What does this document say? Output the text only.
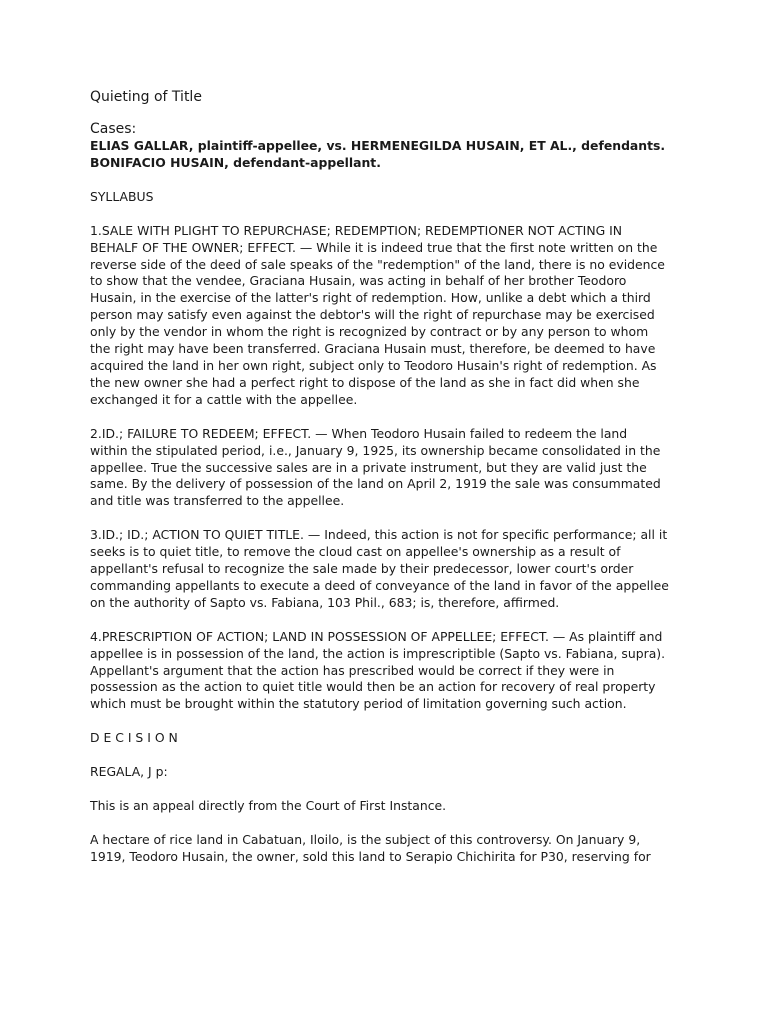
Quieting of Title
Cases:
ELIAS GALLAR, plaintiff-appellee, vs. HERMENEGILDA HUSAIN, ET AL., defendants.
BONIFACIO HUSAIN, defendant-appellant.
SYLLABUS
1.SALE WITH PLIGHT TO REPURCHASE; REDEMPTION; REDEMPTIONER NOT ACTING IN
BEHALF OF THE OWNER; EFFECT. — While it is indeed true that the first note written on the
reverse side of the deed of sale speaks of the "redemption" of the land, there is no evidence
to show that the vendee, Graciana Husain, was acting in behalf of her brother Teodoro
Husain, in the exercise of the latter's right of redemption. How, unlike a debt which a third
person may satisfy even against the debtor's will the right of repurchase may be exercised
only by the vendor in whom the right is recognized by contract or by any person to whom
the right may have been transferred. Graciana Husain must, therefore, be deemed to have
acquired the land in her own right, subject only to Teodoro Husain's right of redemption. As
the new owner she had a perfect right to dispose of the land as she in fact did when she
exchanged it for a cattle with the appellee.
2.ID.; FAILURE TO REDEEM; EFFECT. — When Teodoro Husain failed to redeem the land
within the stipulated period, i.e., January 9, 1925, its ownership became consolidated in the
appellee. True the successive sales are in a private instrument, but they are valid just the
same. By the delivery of possession of the land on April 2, 1919 the sale was consummated
and title was transferred to the appellee.
3.ID.; ID.; ACTION TO QUIET TITLE. — Indeed, this action is not for specific performance; all it
seeks is to quiet title, to remove the cloud cast on appellee's ownership as a result of
appellant's refusal to recognize the sale made by their predecessor, lower court's order
commanding appellants to execute a deed of conveyance of the land in favor of the appellee
on the authority of Sapto vs. Fabiana, 103 Phil., 683; is, therefore, affirmed.
4.PRESCRIPTION OF ACTION; LAND IN POSSESSION OF APPELLEE; EFFECT. — As plaintiff and
appellee is in possession of the land, the action is imprescriptible (Sapto vs. Fabiana, supra).
Appellant's argument that the action has prescribed would be correct if they were in
possession as the action to quiet title would then be an action for recovery of real property
which must be brought within the statutory period of limitation governing such action.
D E C I S I O N
REGALA, J p:
This is an appeal directly from the Court of First Instance.
A hectare of rice land in Cabatuan, Iloilo, is the subject of this controversy. On January 9,
1919, Teodoro Husain, the owner, sold this land to Serapio Chichirita for P30, reserving for
